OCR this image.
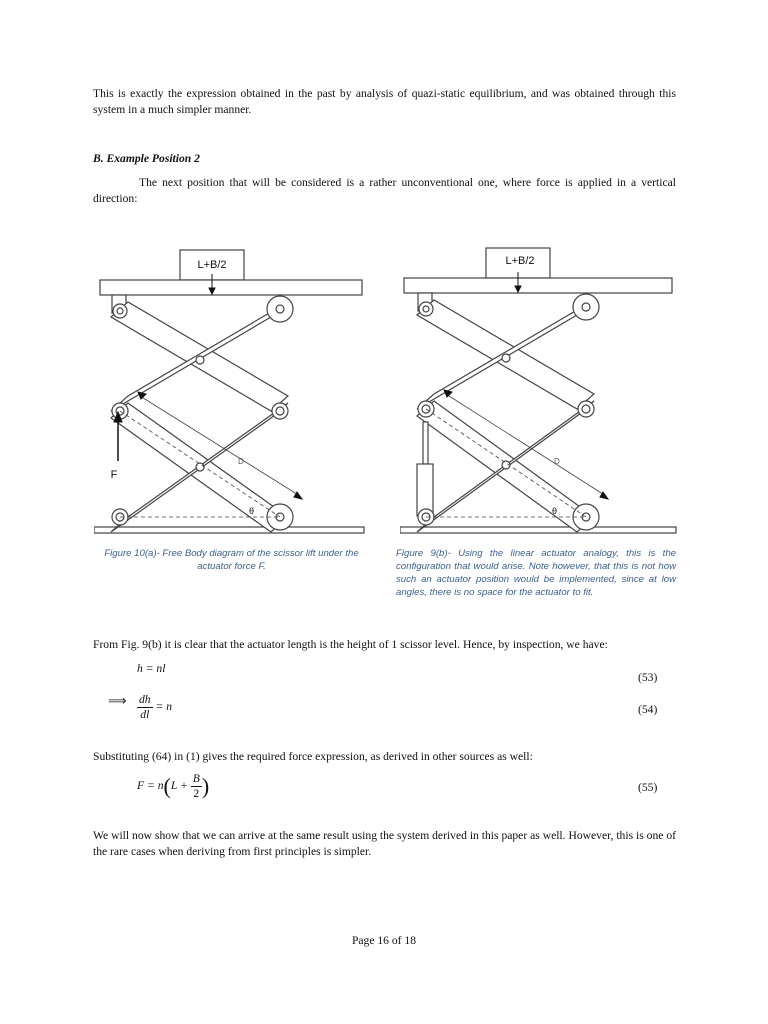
This is exactly the expression obtained in the past by analysis of quazi-static equilibrium, and was obtained through this system in a much simpler manner.
B. Example Position 2
The next position that will be considered is a rather unconventional one, where force is applied in a vertical direction:
L+B/2
F
D
θ
Figure 10(a)- Free Body diagram of the scissor lift under the actuator force F.
L+B/2
D
θ
Figure 9(b)- Using the linear actuator analogy, this is the configuration that would arise. Note however, that this is not how such an actuator position would be implemented, since at low angles, there is no space for the actuator to fit.
From Fig. 9(b) it is clear that the actuator length is the height of 1 scissor level. Hence, by inspection, we have:
h = nl
(53)
⟹ $\frac{dh}{dl} = n$	(54)
Substituting (64) in (1) gives the required force expression, as derived in other sources as well:
$F = n(L + \frac{B}{2}$ )	(55)
We will now show that we can arrive at the same result using the system derived in this paper as well. However, this is one of the rare cases when deriving from first principles is simpler.
Page 16 of 18
